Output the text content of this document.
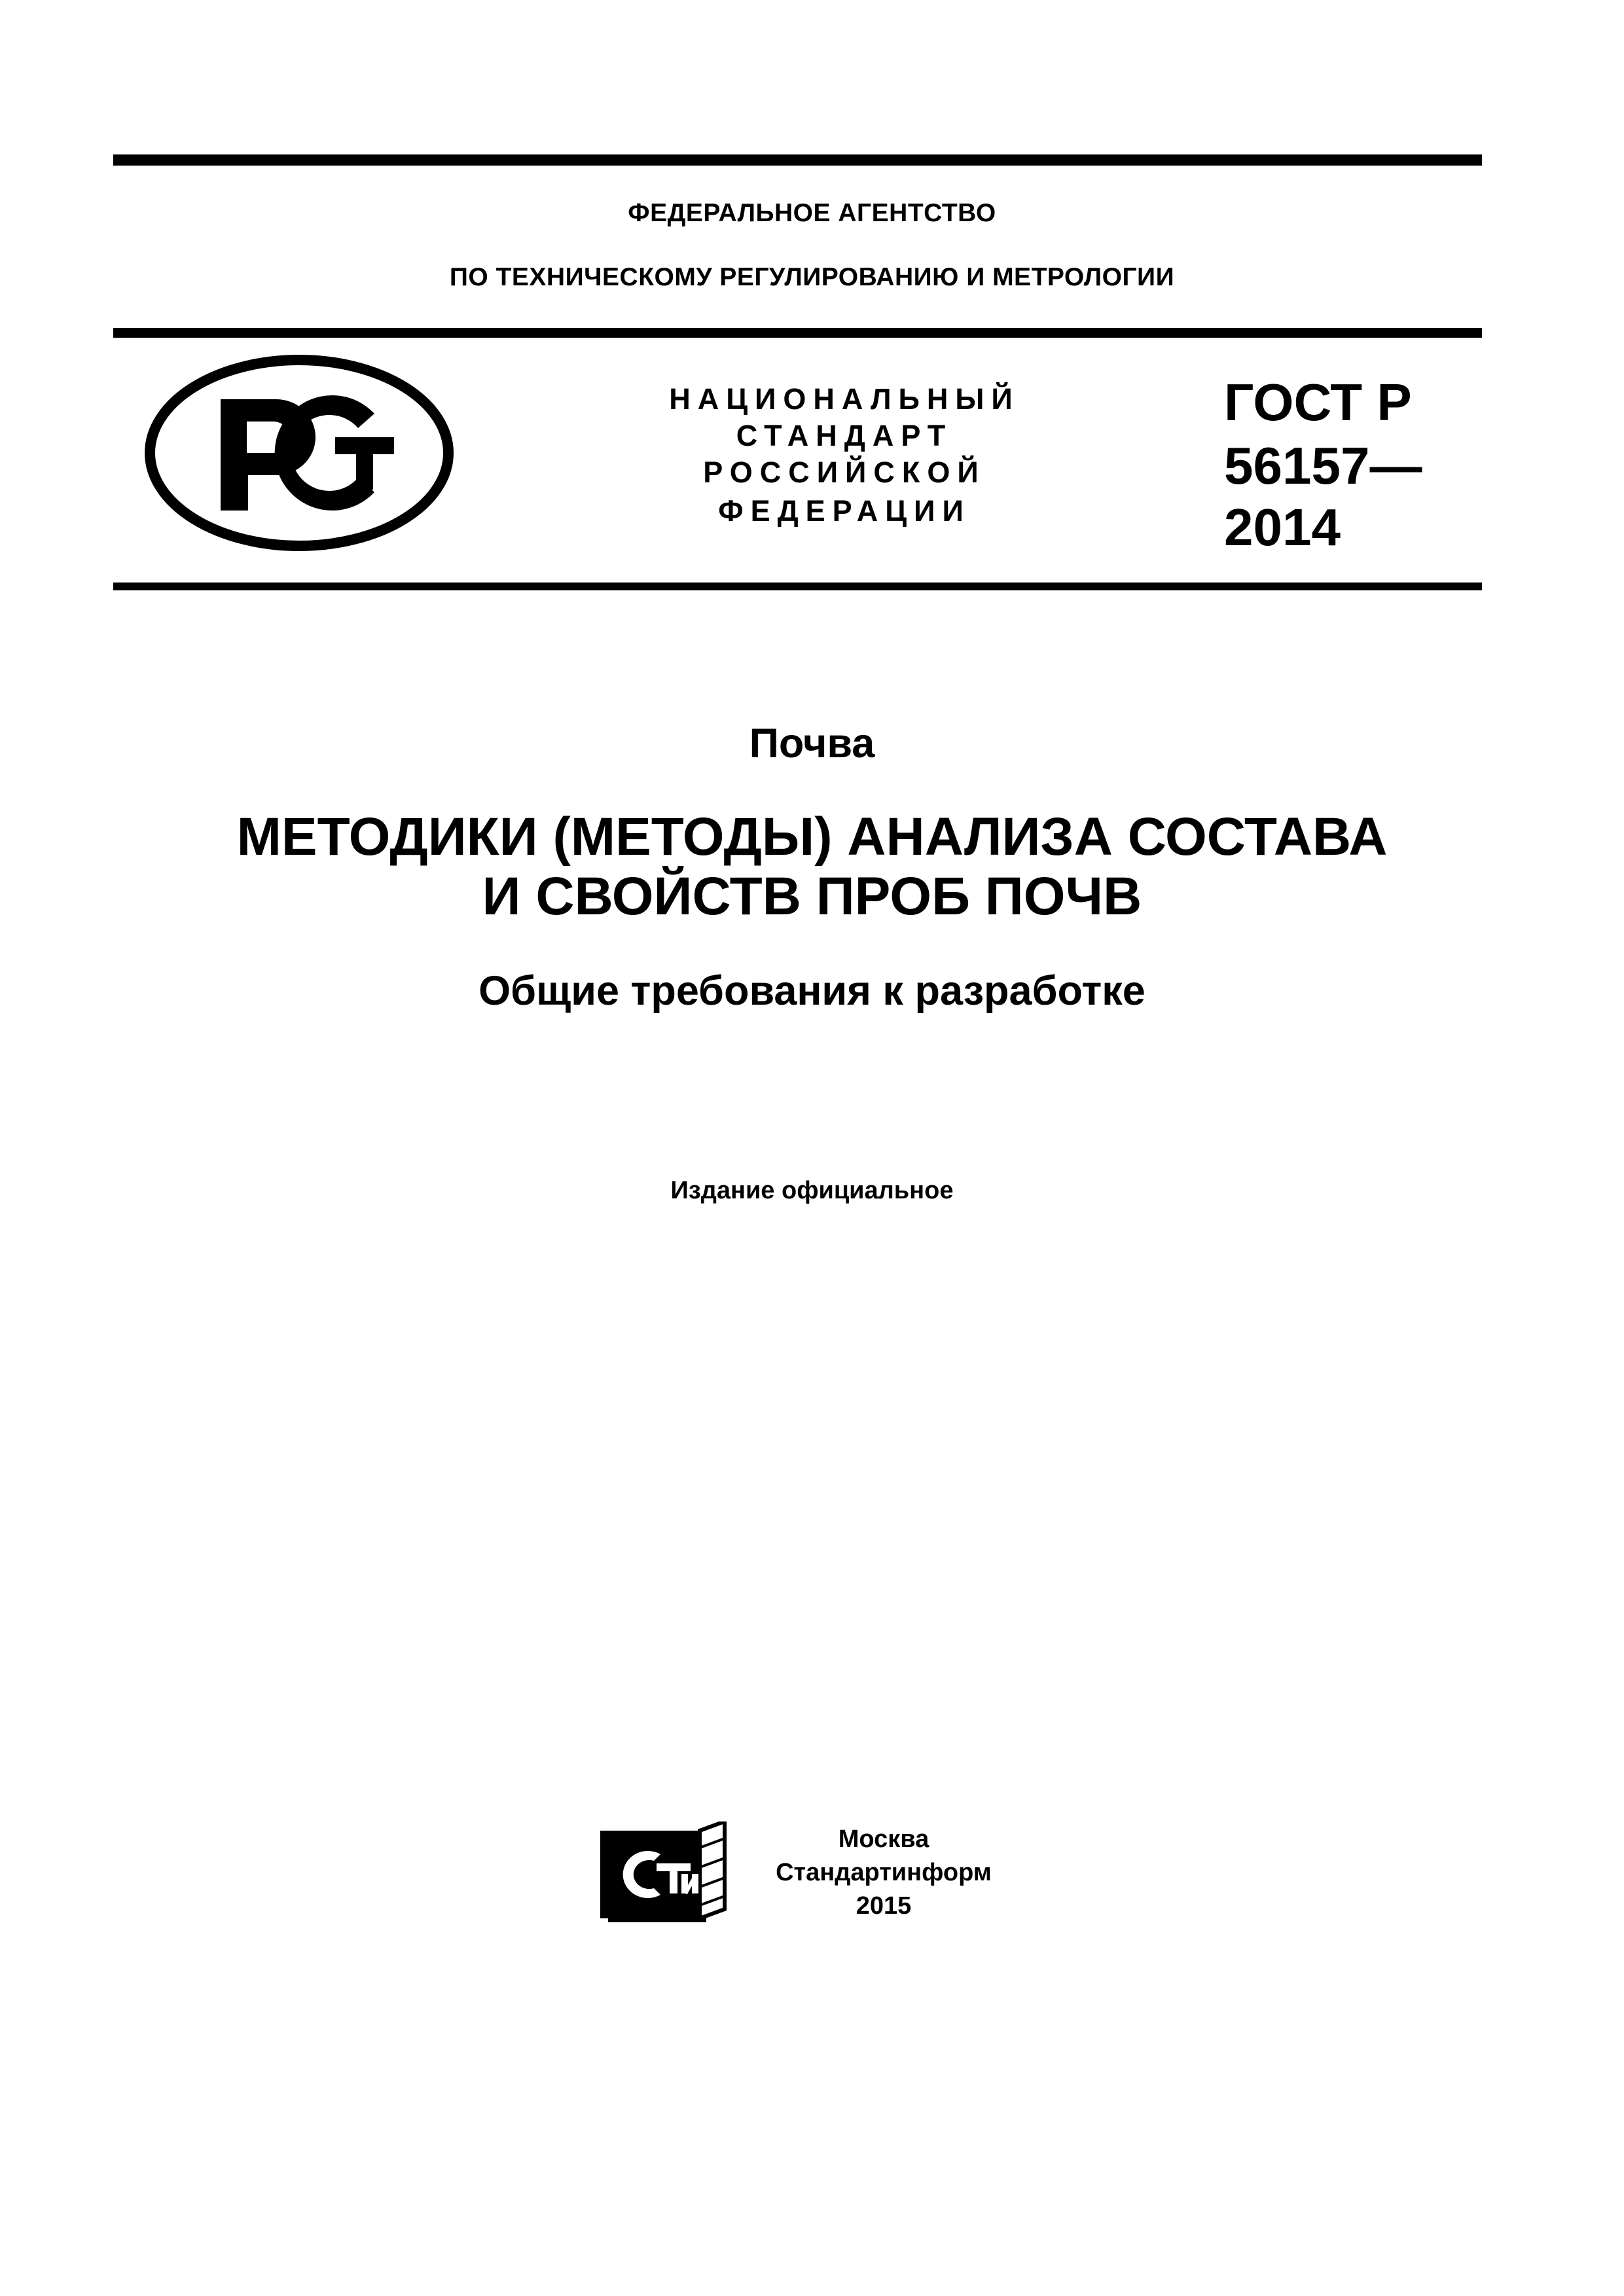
ФЕДЕРАЛЬНОЕ АГЕНТСТВО
ПО ТЕХНИЧЕСКОМУ РЕГУЛИРОВАНИЮ И МЕТРОЛОГИИ
НАЦИОНАЛЬНЫЙ
СТАНДАРТ
РОССИЙСКОЙ
ФЕДЕРАЦИИ
ГОСТ Р
56157—
2014
Почва
МЕТОДИКИ (МЕТОДЫ) АНАЛИЗА СОСТАВА
И СВОЙСТВ ПРОБ ПОЧВ
Общие требования к разработке
Издание официальное
Москва
Стандартинформ
2015
